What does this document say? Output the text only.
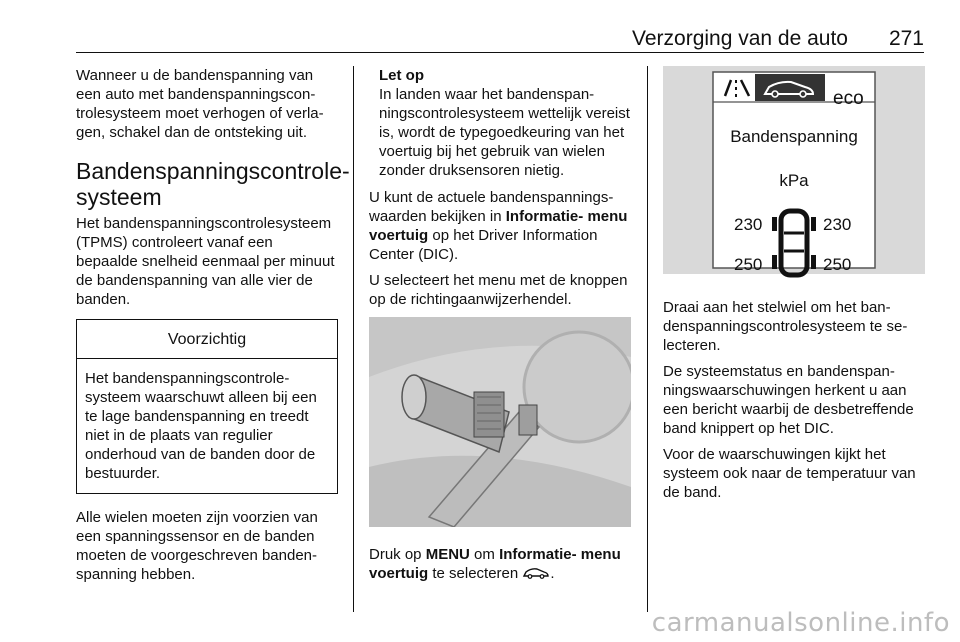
Verzorging van de auto 271

Wanneer u de bandenspanning van een auto met bandenspanningscontrolesysteem moet verhogen of verlagen, schakel dan de ontsteking uit.

Bandenspanningscontrolesysteem

Het bandenspanningscontrolesysteem (TPMS) controleert vanaf een bepaalde snelheid eenmaal per minuut de bandenspanning van alle vier de banden.

Voorzichtig
Het bandenspanningscontrolesysteem waarschuwt alleen bij een te lage bandenspanning en treedt niet in de plaats van regulier onderhoud van de banden door de bestuurder.

Alle wielen moeten zijn voorzien van een spanningssensor en de banden moeten de voorgeschreven bandenspanning hebben.

Let op
In landen waar het bandenspanningscontrolesysteem wettelijk vereist is, wordt de typegoedkeuring van het voertuig bij het gebruik van wielen zonder druksensoren nietig.

U kunt de actuele bandenspanningswaarden bekijken in Informatie- menu voertuig op het Driver Information Center (DIC).

U selecteert het menu met de knoppen op de richtingaanwijzerhendel.

Druk op MENU om Informatie- menu voertuig te selecteren .

eco
Bandenspanning
kPa
230	230
250	250

Draai aan het stelwiel om het bandenspanningscontrolesysteem te selecteren.

De systeemstatus en bandenspanningswaarschuwingen herkent u aan een bericht waarbij de desbetreffende band knippert op het DIC.

Voor de waarschuwingen kijkt het systeem ook naar de temperatuur van de band.

carmanualsonline.info
